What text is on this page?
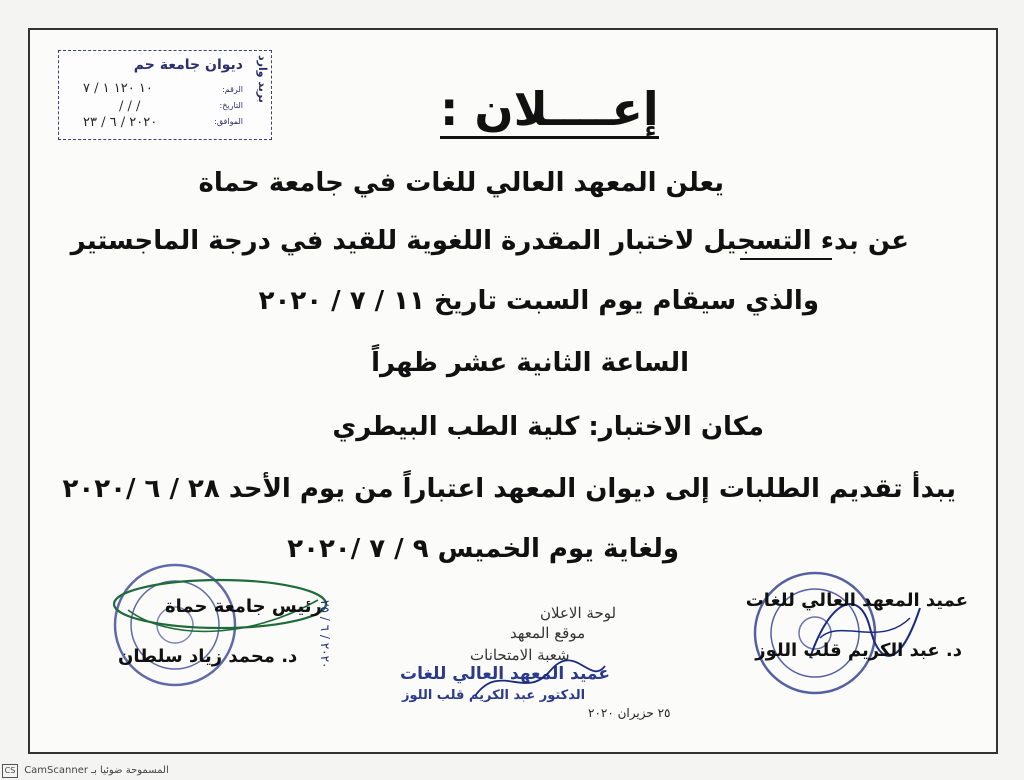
بريد وارد
ديوان جامعة حم
الرقم:
التاريخ:
الموافق:
١٠ ١٢٠ ١ / ٧
/ / /
٢٠٢٠ / ٦ / ٢٣	إعــــلان :
يعلن المعهد العالي للغات في جامعة حماة
عن بدء التسجيل لاختبار المقدرة اللغوية للقيد في درجة الماجستير
والذي سيقام يوم السبت تاريخ ١١ / ٧ / ٢٠٢٠
الساعة الثانية عشر ظهراً
مكان الاختبار: كلية الطب البيطري
يبدأ تقديم الطلبات إلى ديوان المعهد اعتباراً من يوم الأحد ٢٨ / ٦ /٢٠٢٠
ولغاية يوم الخميس ٩ / ٧ /٢٠٢٠
عميد المعهد العالي للغات
د. عبد الكريم قلب اللوز
رئيس جامعة حماة
د. محمد زياد سلطان
٢٠٢٠ / ٦ / ٢٥
لوحة الاعلان
موقع المعهد
شعبة الامتحانات
عميد المعهد العالي للغات
الدكتور عبد الكريم قلب اللوز
٢٥ حزيران ٢٠٢٠
CS CamScanner المسموحة ضوئيا بـ
